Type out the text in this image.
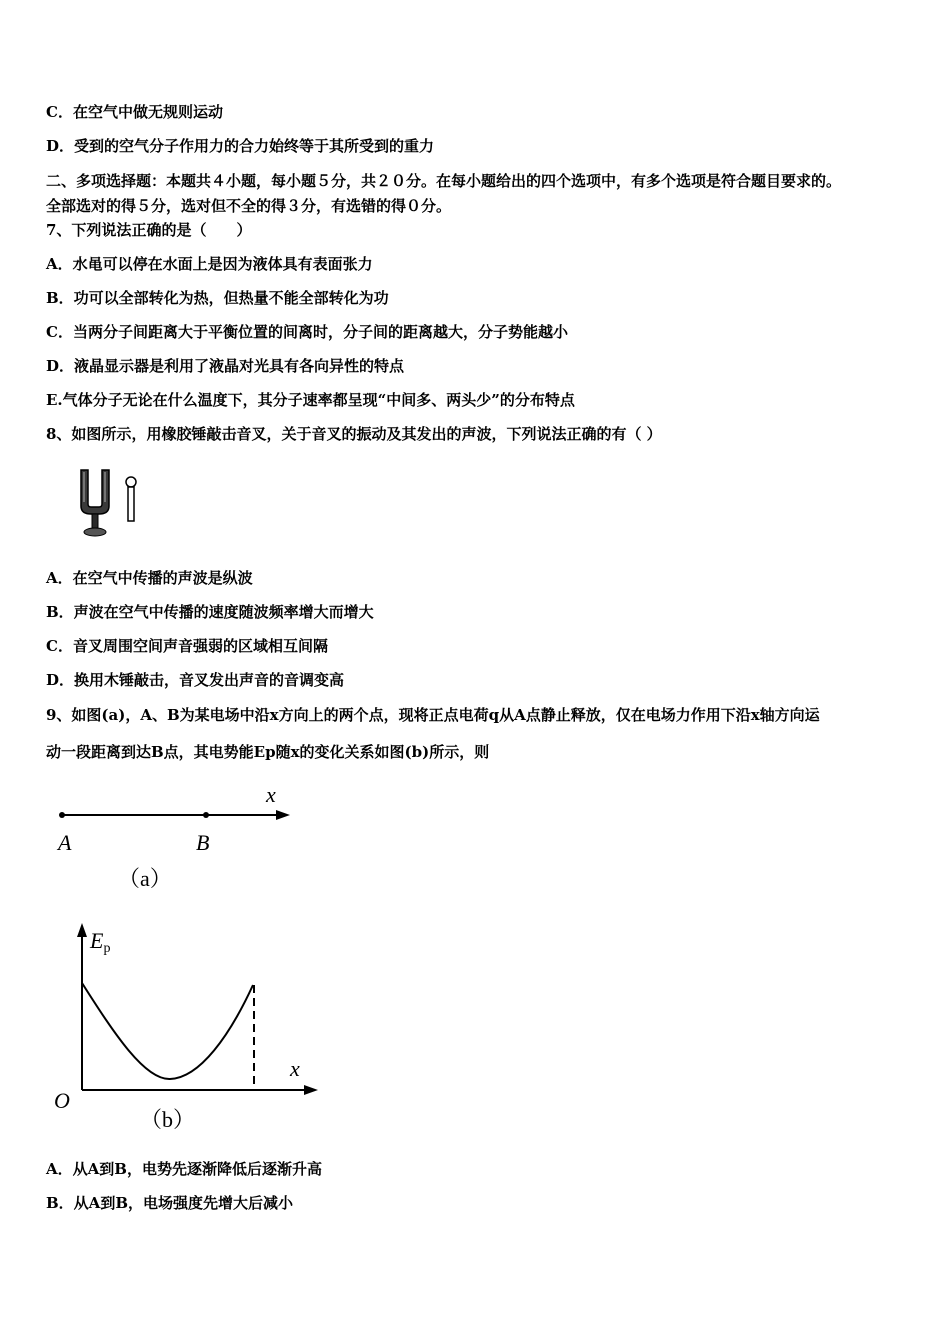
C．在空气中做无规则运动
D．受到的空气分子作用力的合力始终等于其所受到的重力
二、多项选择题：本题共４小题，每小题５分，共２０分。在每小题给出的四个选项中，有多个选项是符合题目要求的。
全部选对的得５分，选对但不全的得３分，有选错的得０分。
7、下列说法正确的是（　　）
A．水黾可以停在水面上是因为液体具有表面张力
B．功可以全部转化为热，但热量不能全部转化为功
C．当两分子间距离大于平衡位置的间离时，分子间的距离越大，分子势能越小
D．液晶显示器是利用了液晶对光具有各向异性的特点
E.气体分子无论在什么温度下，其分子速率都呈现“中间多、两头少”的分布特点
8、如图所示，用橡胶锤敲击音叉，关于音叉的振动及其发出的声波，下列说法正确的有（ ）
A．在空气中传播的声波是纵波
B．声波在空气中传播的速度随波频率增大而增大
C．音叉周围空间声音强弱的区域相互间隔
D．换用木锤敲击，音叉发出声音的音调变高
9、如图(a)，A、B为某电场中沿x方向上的两个点，现将正点电荷q从A点静止释放，仅在电场力作用下沿x轴方向运
动一段距离到达B点，其电势能Ep随x的变化关系如图(b)所示，则
x
A	B
（a）
Ep
x
O
（b）
A．从A到B，电势先逐渐降低后逐渐升高
B．从A到B，电场强度先增大后减小
